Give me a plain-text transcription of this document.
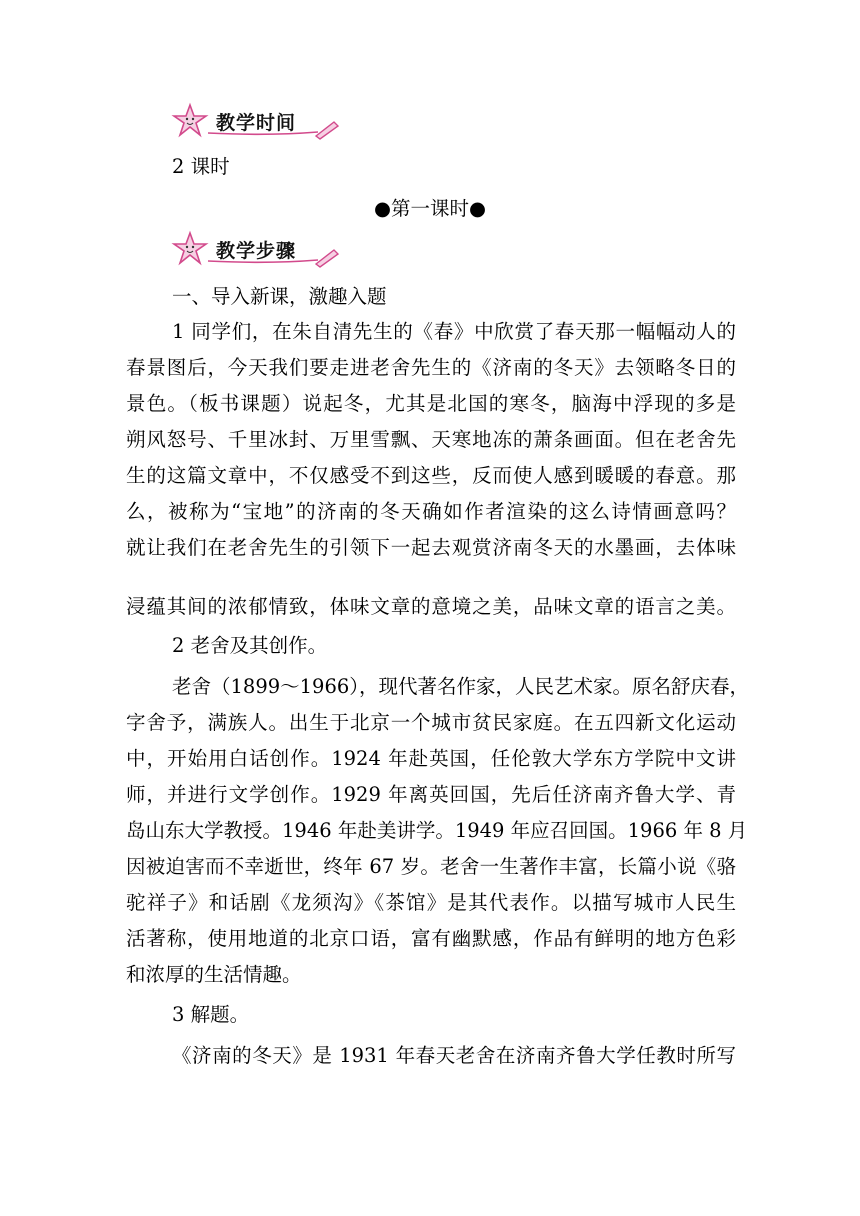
教学时间
2 课时
●第一课时●
教学步骤
一、导入新课，激趣入题
1 同学们，在朱自清先生的《春》中欣赏了春天那一幅幅动人的
春景图后，今天我们要走进老舍先生的《济南的冬天》去领略冬日的
景色。（板书课题）说起冬，尤其是北国的寒冬，脑海中浮现的多是
朔风怒号、千里冰封、万里雪飘、天寒地冻的萧条画面。但在老舍先
生的这篇文章中，不仅感受不到这些，反而使人感到暖暖的春意。那
么，被称为“宝地”的济南的冬天确如作者渲染的这么诗情画意吗？
就让我们在老舍先生的引领下一起去观赏济南冬天的水墨画，去体味
浸蕴其间的浓郁情致，体味文章的意境之美，品味文章的语言之美。
2 老舍及其创作。
老舍（1899～1966），现代著名作家，人民艺术家。原名舒庆春，
字舍予，满族人。出生于北京一个城市贫民家庭。在五四新文化运动
中，开始用白话创作。1924 年赴英国，任伦敦大学东方学院中文讲
师，并进行文学创作。1929 年离英回国，先后任济南齐鲁大学、青
岛山东大学教授。1946 年赴美讲学。1949 年应召回国。1966 年 8 月
因被迫害而不幸逝世，终年 67 岁。老舍一生著作丰富，长篇小说《骆
驼祥子》和话剧《龙须沟》《茶馆》是其代表作。以描写城市人民生
活著称，使用地道的北京口语，富有幽默感，作品有鲜明的地方色彩
和浓厚的生活情趣。
3 解题。
《济南的冬天》是 1931 年春天老舍在济南齐鲁大学任教时所写
